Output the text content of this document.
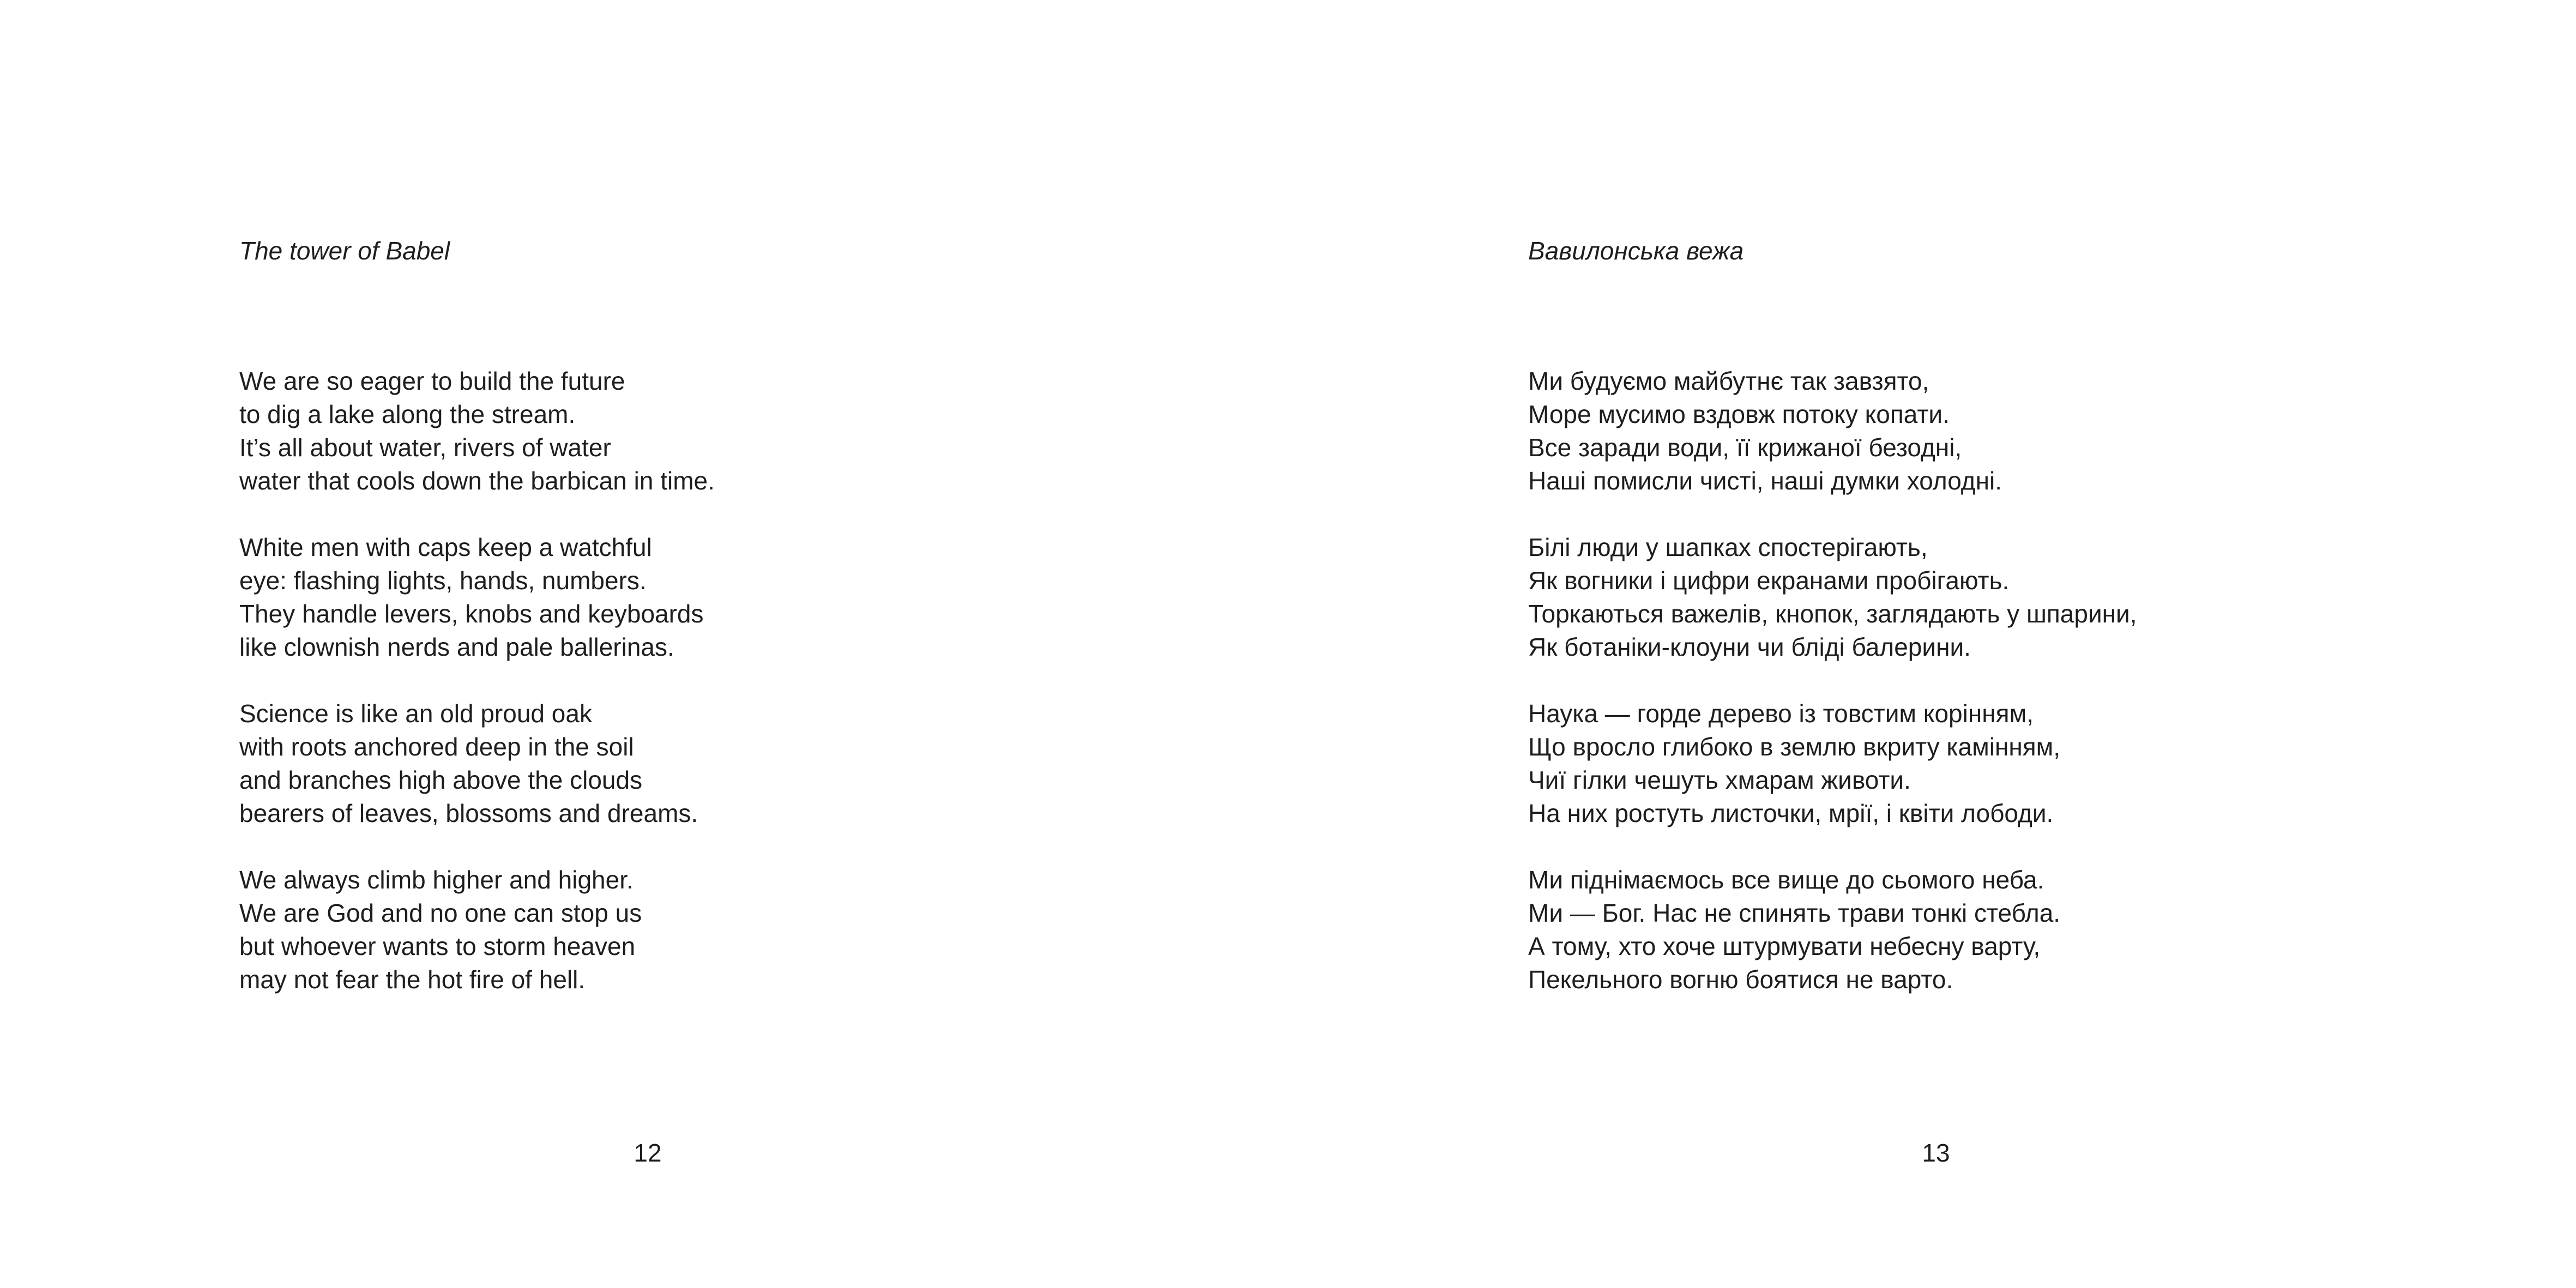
The tower of Babel
We are so eager to build the future
to dig a lake along the stream.
It’s all about water, rivers of water
water that cools down the barbican in time.
White men with caps keep a watchful
eye: flashing lights, hands, numbers.
They handle levers, knobs and keyboards
like clownish nerds and pale ballerinas.
Science is like an old proud oak
with roots anchored deep in the soil
and branches high above the clouds
bearers of leaves, blossoms and dreams.
We always climb higher and higher.
We are God and no one can stop us
but whoever wants to storm heaven
may not fear the hot fire of hell.
12
Вавилонська вежа
Ми будуємо майбутнє так завзято,
Море мусимо вздовж потоку копати.
Все заради води, її крижаної безодні,
Наші помисли чисті, наші думки холодні.
Білі люди у шапках спостерігають,
Як вогники і цифри екранами пробігають.
Торкаються важелів, кнопок, заглядають у шпарини,
Як ботаніки-клоуни чи бліді балерини.
Наука — горде дерево із товстим корінням,
Що вросло глибоко в землю вкриту камінням,
Чиї гілки чешуть хмарам животи.
На них ростуть листочки, мрії, і квіти лободи.
Ми піднімаємось все вище до сьомого неба.
Ми — Бог. Нас не спинять трави тонкі стебла.
А тому, хто хоче штурмувати небесну варту,
Пекельного вогню боятися не варто.
13
